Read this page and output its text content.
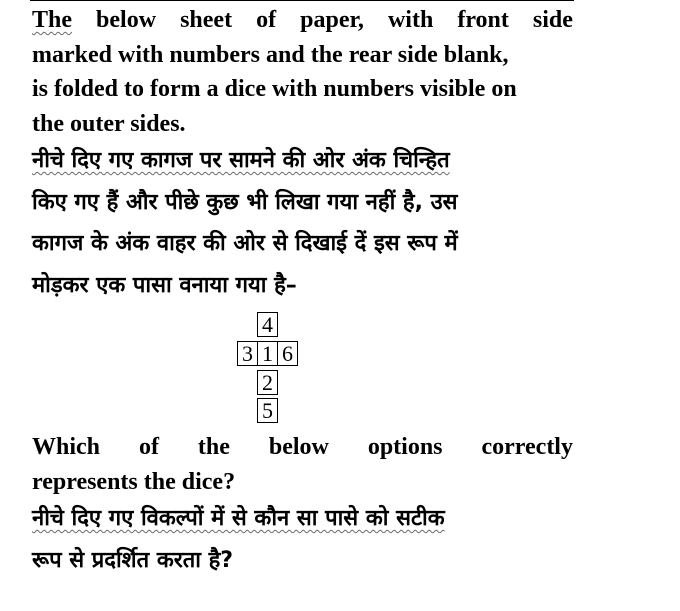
The below sheet of paper, with front side
marked with numbers and the rear side blank,
is folded to form a dice with numbers visible on
the outer sides.
नीचे दिए गए कागज पर सामने की ओर अंक चिन्हित
किए गए हैं और पीछे कुछ भी लिखा गया नहीं है, उस
कागज के अंक वाहर की ओर से दिखाई दें इस रूप में
मोड़कर एक पासा वनाया गया है–
4
3 1 6
2
5
Which of the below options correctly
represents the dice?
नीचे दिए गए विकल्पों में से कौन सा पासे को सटीक
रूप से प्रदर्शित करता है?
